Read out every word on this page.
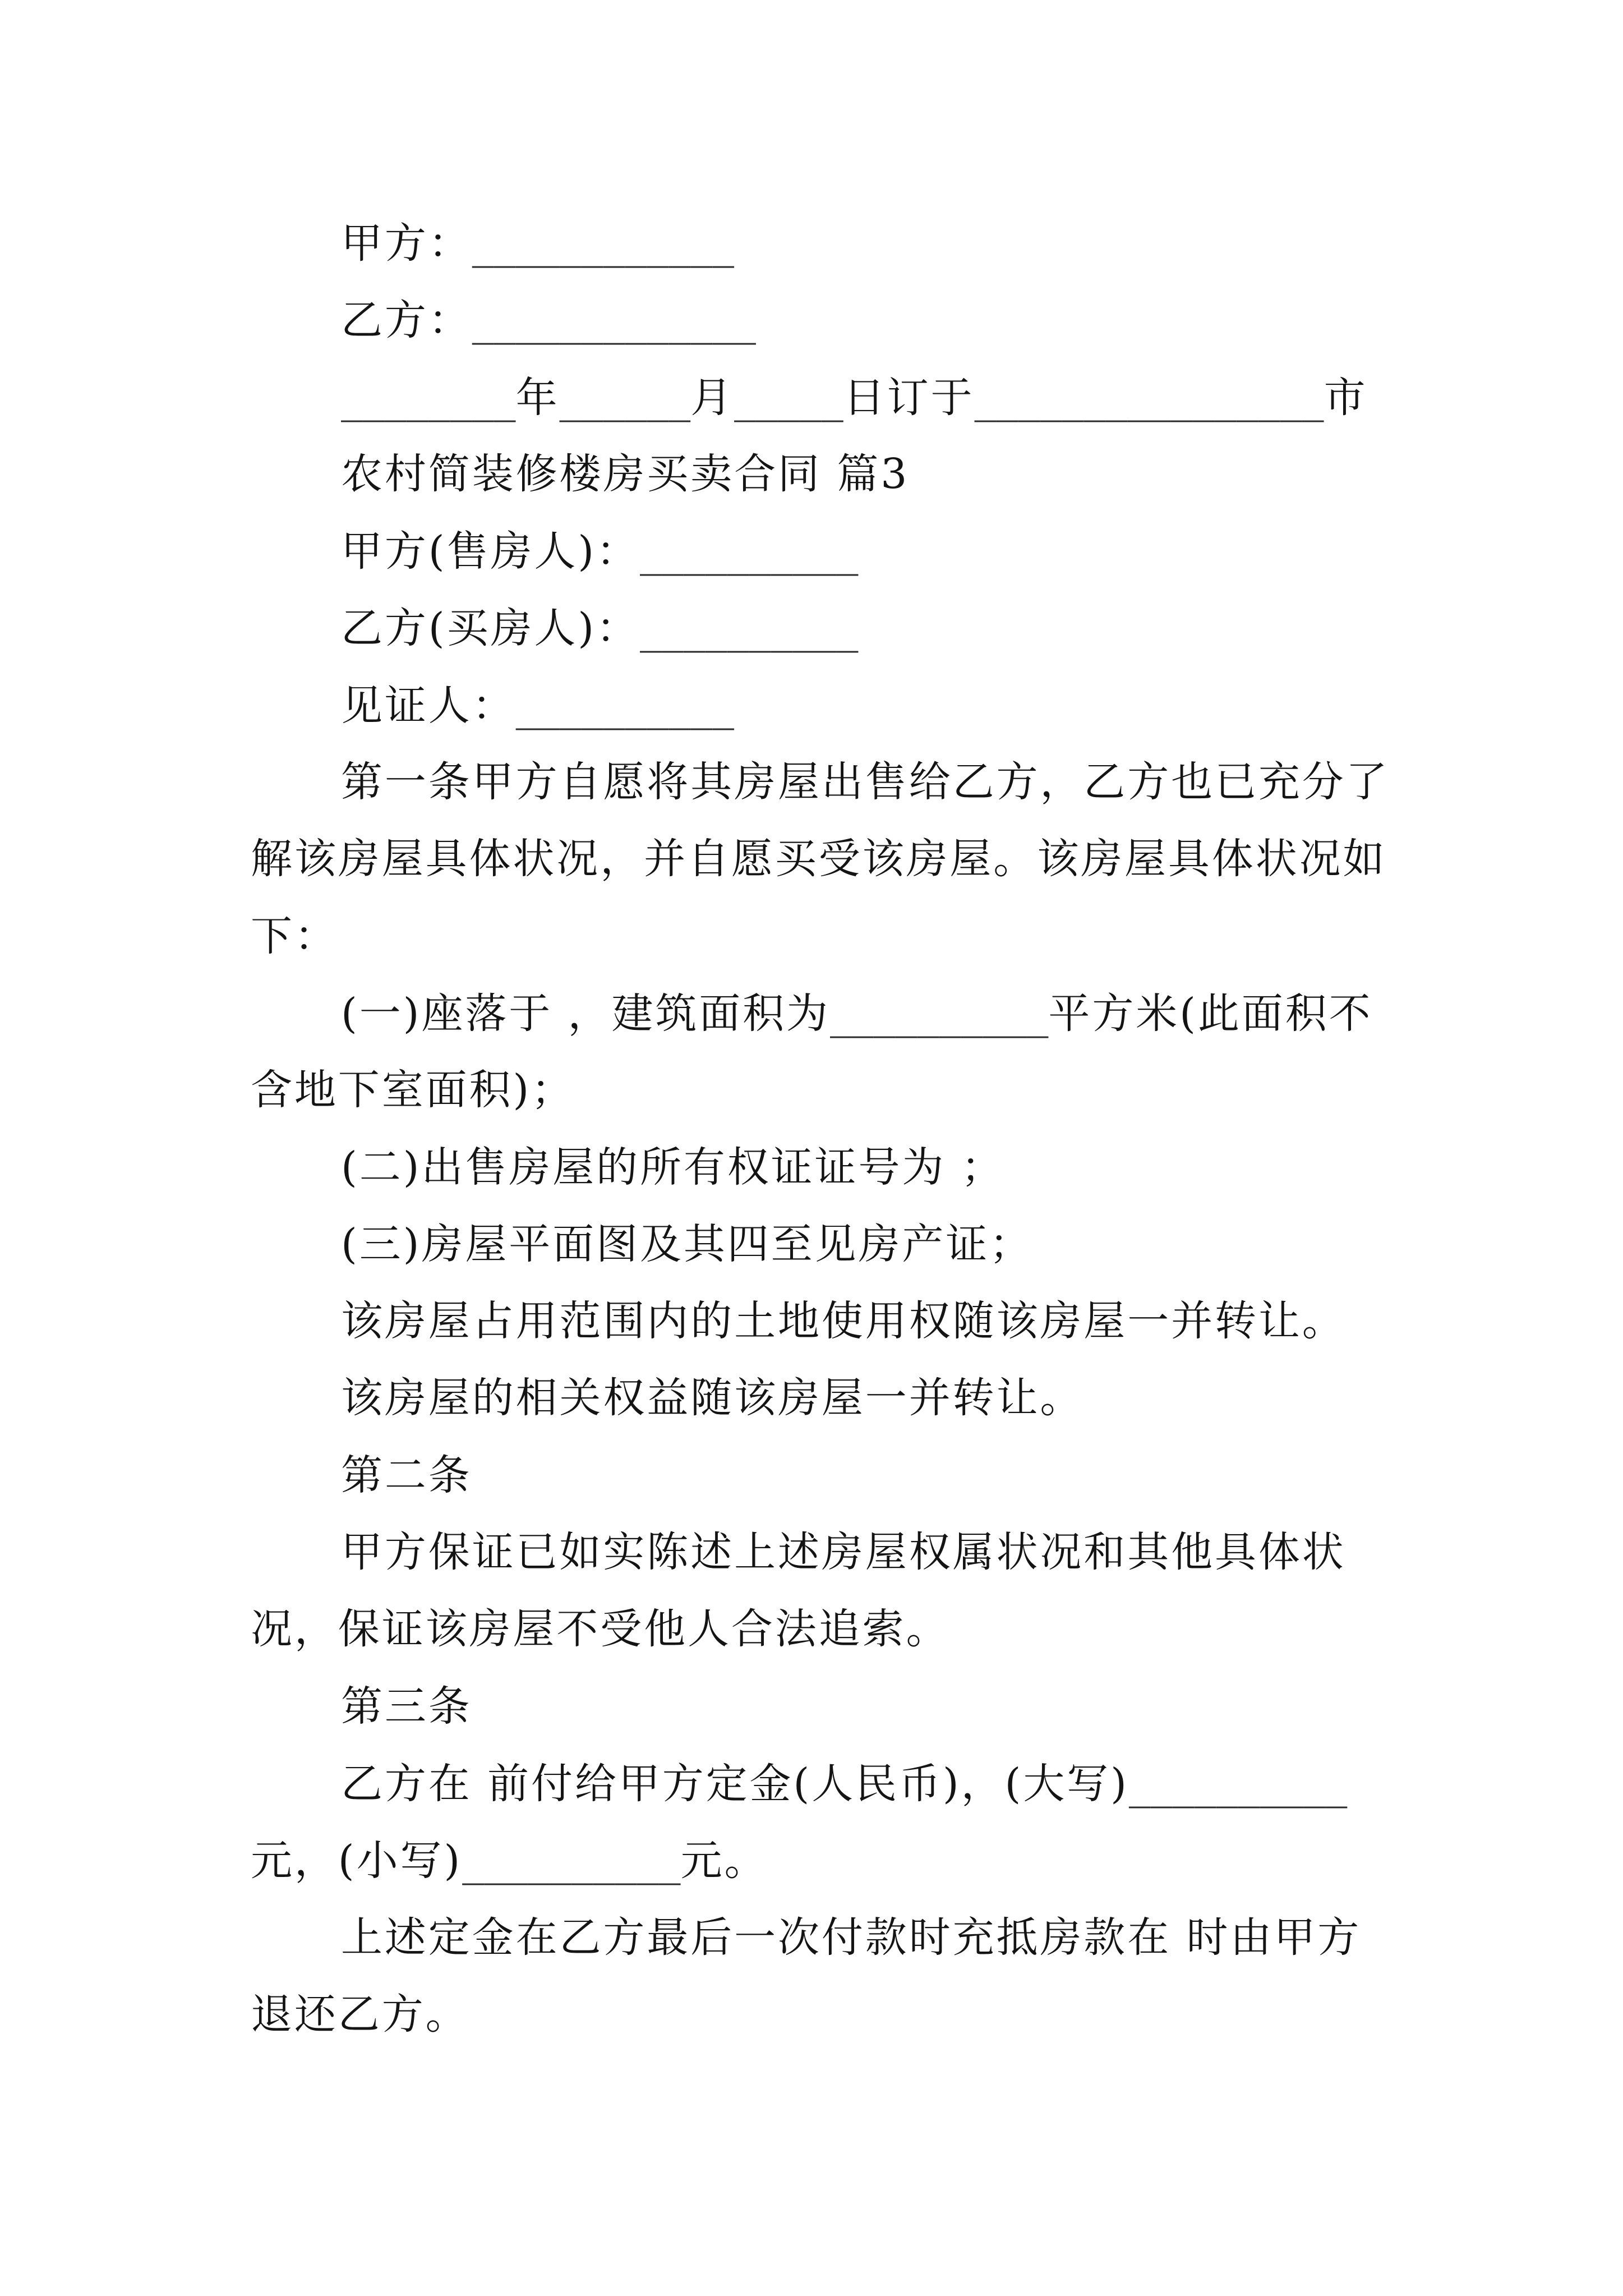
甲方：____________
乙方：_____________
________年______月_____日订于________________市
农村简装修楼房买卖合同 篇3
甲方(售房人)：__________
乙方(买房人)：__________
见证人：__________
第一条甲方自愿将其房屋出售给乙方，乙方也已充分了
解该房屋具体状况，并自愿买受该房屋。该房屋具体状况如
下：
(一)座落于 ，建筑面积为__________平方米(此面积不
含地下室面积)；
(二)出售房屋的所有权证证号为 ；
(三)房屋平面图及其四至见房产证；
该房屋占用范围内的土地使用权随该房屋一并转让。
该房屋的相关权益随该房屋一并转让。
第二条
甲方保证已如实陈述上述房屋权属状况和其他具体状
况，保证该房屋不受他人合法追索。
第三条
乙方在 前付给甲方定金(人民币)，(大写)__________
元，(小写)__________元。
上述定金在乙方最后一次付款时充抵房款在 时由甲方
退还乙方。
